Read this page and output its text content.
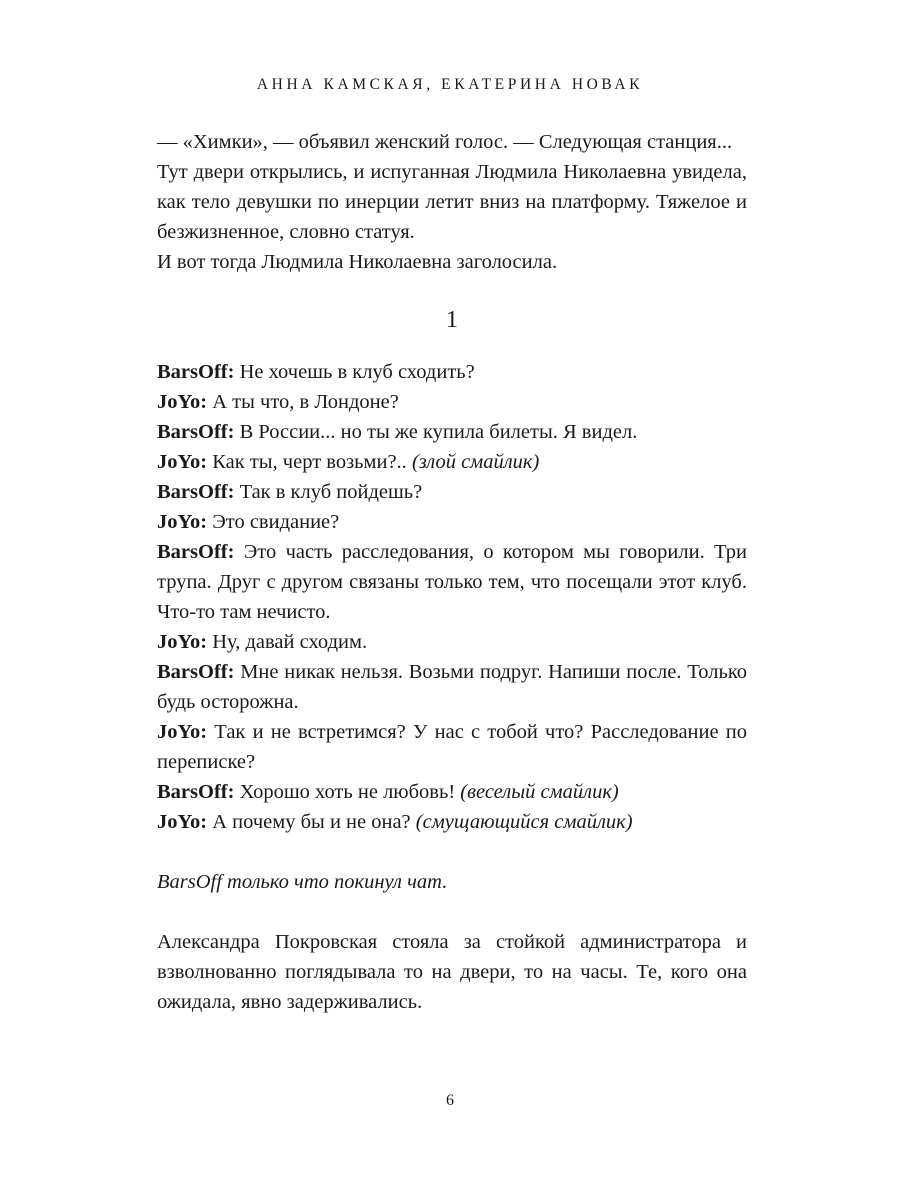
АННА КАМСКАЯ, ЕКАТЕРИНА НОВАК

— «Химки», — объявил женский голос. — Следующая станция...

Тут двери открылись, и испуганная Людмила Николаевна увидела, как тело девушки по инерции летит вниз на платформу. Тяжелое и безжизненное, словно статуя.

И вот тогда Людмила Николаевна заголосила.

1

BarsOff: Не хочешь в клуб сходить?

JoYo: А ты что, в Лондоне?

BarsOff: В России... но ты же купила билеты. Я видел.

JoYo: Как ты, черт возьми?.. (злой смайлик)

BarsOff: Так в клуб пойдешь?

JoYo: Это свидание?

BarsOff: Это часть расследования, о котором мы говорили. Три трупа. Друг с другом связаны только тем, что посещали этот клуб. Что-то там нечисто.

JoYo: Ну, давай сходим.

BarsOff: Мне никак нельзя. Возьми подруг. Напиши после. Только будь осторожна.

JoYo: Так и не встретимся? У нас с тобой что? Расследование по переписке?

BarsOff: Хорошо хоть не любовь! (веселый смайлик)

JoYo: А почему бы и не она? (смущающийся смайлик)

BarsOff только что покинул чат.

Александра Покровская стояла за стойкой администратора и взволнованно поглядывала то на двери, то на часы. Те, кого она ожидала, явно задерживались.

6
